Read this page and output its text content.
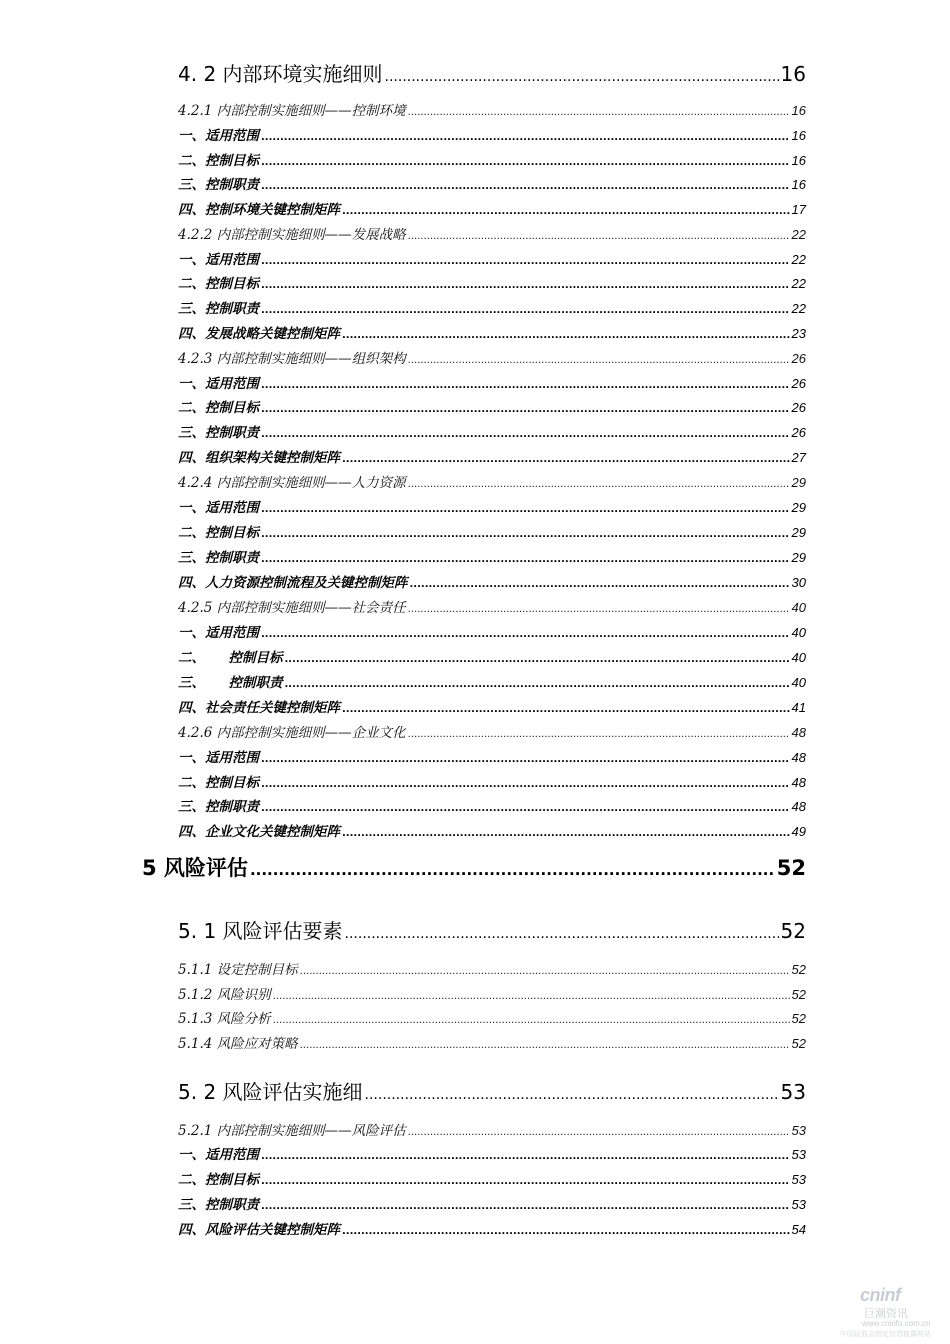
4. 2 内部环境实施细则 .....	16
4.2.1 内部控制实施细则——控制环境 .....	16
一、适用范围 .....	16
二、控制目标 .....	16
三、控制职责 .....	16
四、控制环境关键控制矩阵 .....	17
4.2.2 内部控制实施细则——发展战略 .....	22
一、适用范围 .....	22
二、控制目标 .....	22
三、控制职责 .....	22
四、发展战略关键控制矩阵 .....	23
4.2.3 内部控制实施细则——组织架构 .....	26
一、适用范围 .....	26
二、控制目标 .....	26
三、控制职责 .....	26
四、组织架构关键控制矩阵 .....	27
4.2.4 内部控制实施细则——人力资源 .....	29
一、适用范围 .....	29
二、控制目标 .....	29
三、控制职责 .....	29
四、人力资源控制流程及关键控制矩阵 .....	30
4.2.5 内部控制实施细则——社会责任 .....	40
一、适用范围 .....	40
二、     控制目标 .....	40
三、     控制职责 .....	40
四、社会责任关键控制矩阵 .....	41
4.2.6 内部控制实施细则——企业文化 .....	48
一、适用范围 .....	48
二、控制目标 .....	48
三、控制职责 .....	48
四、企业文化关键控制矩阵 .....	49
5 风险评估 .....	52
5. 1 风险评估要素 .....	52
5.1.1 设定控制目标 .....	52
5.1.2 风险识别 .....	52
5.1.3 风险分析 .....	52
5.1.4 风险应对策略 .....	52
5. 2 风险评估实施细 .....	53
5.2.1 内部控制实施细则——风险评估 .....	53
一、适用范围 .....	53
二、控制目标 .....	53
三、控制职责 .....	53
四、风险评估关键控制矩阵 .....	54
cninf
巨潮资讯
www.cninfo.com.cn
中国证监会指定信息披露网站
